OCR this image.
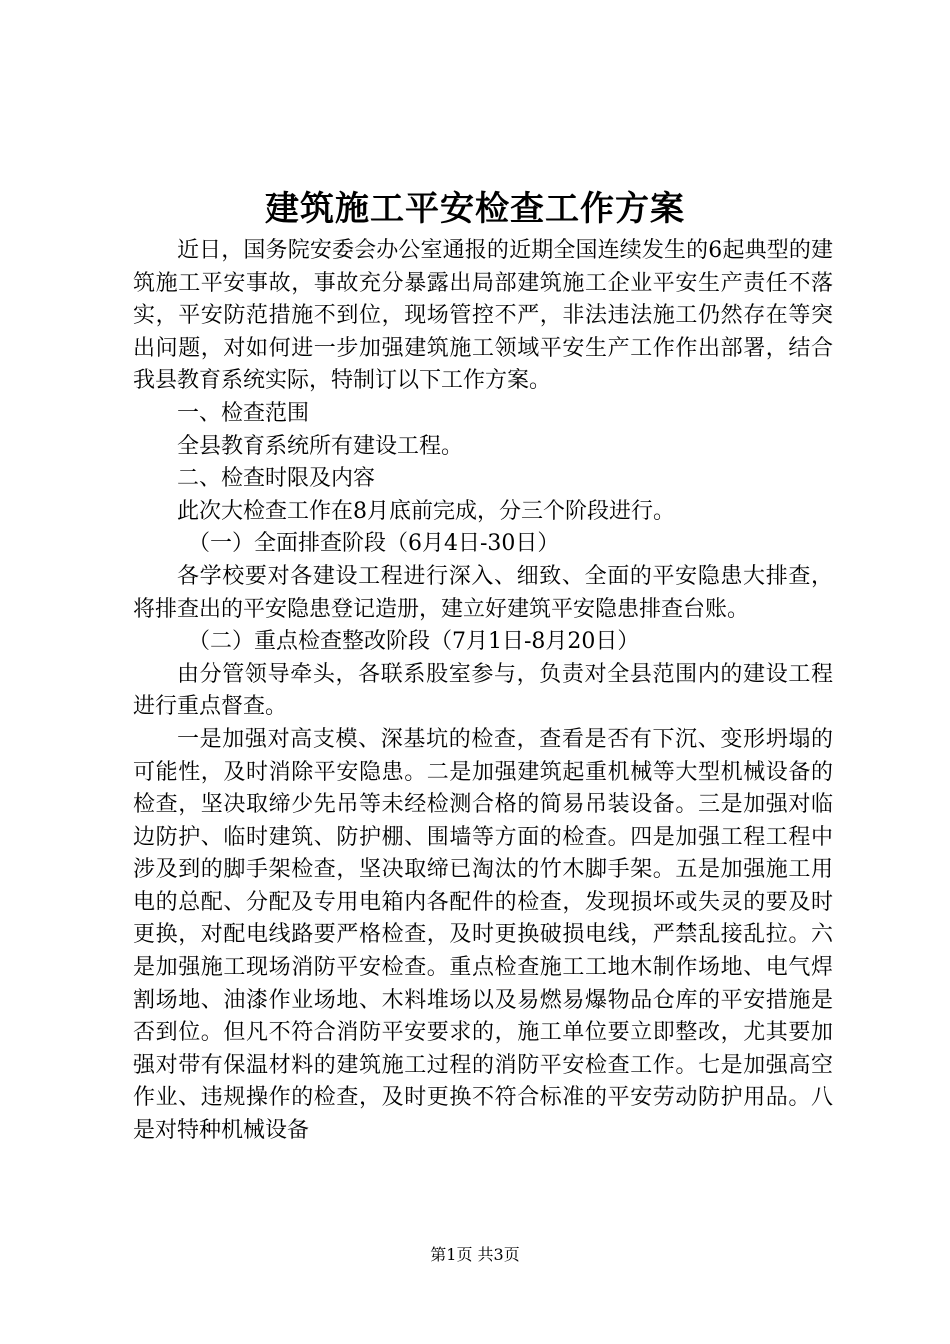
建筑施工平安检查工作方案

近日，国务院安委会办公室通报的近期全国连续发生的6起典型的建筑施工平安事故，事故充分暴露出局部建筑施工企业平安生产责任不落实，平安防范措施不到位，现场管控不严，非法违法施工仍然存在等突出问题，对如何进一步加强建筑施工领域平安生产工作作出部署，结合我县教育系统实际，特制订以下工作方案。

一、检查范围

全县教育系统所有建设工程。

二、检查时限及内容

此次大检查工作在8月底前完成，分三个阶段进行。

（一）全面排查阶段（6月4日-30日）

各学校要对各建设工程进行深入、细致、全面的平安隐患大排查，将排查出的平安隐患登记造册，建立好建筑平安隐患排查台账。

（二）重点检查整改阶段（7月1日-8月20日）

由分管领导牵头，各联系股室参与，负责对全县范围内的建设工程进行重点督查。

一是加强对高支模、深基坑的检查，查看是否有下沉、变形坍塌的可能性，及时消除平安隐患。二是加强建筑起重机械等大型机械设备的检查，坚决取缔少先吊等未经检测合格的简易吊装设备。三是加强对临边防护、临时建筑、防护棚、围墙等方面的检查。四是加强工程工程中涉及到的脚手架检查，坚决取缔已淘汰的竹木脚手架。五是加强施工用电的总配、分配及专用电箱内各配件的检查，发现损坏或失灵的要及时更换，对配电线路要严格检查，及时更换破损电线，严禁乱接乱拉。六是加强施工现场消防平安检查。重点检查施工工地木制作场地、电气焊割场地、油漆作业场地、木料堆场以及易燃易爆物品仓库的平安措施是否到位。但凡不符合消防平安要求的，施工单位要立即整改，尤其要加强对带有保温材料的建筑施工过程的消防平安检查工作。七是加强高空作业、违规操作的检查，及时更换不符合标准的平安劳动防护用品。八是对特种机械设备

第1页 共3页
